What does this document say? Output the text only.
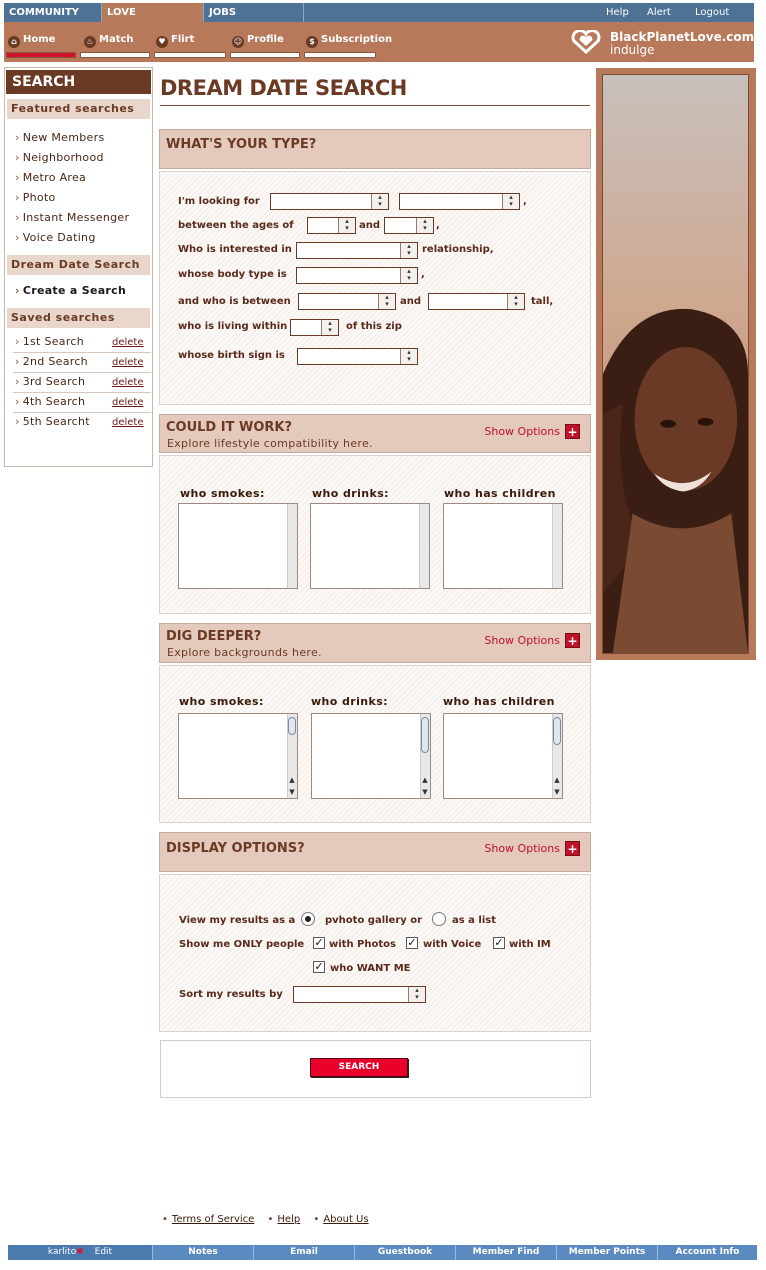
COMMUNITY	LOVE	JOBS	Help Alert Logout
⌂ Home	♨ Match	♥ Flirt	☺ Profile	$ Subscription	BlackPlanetLove.com
indulge
SEARCH
Featured searches
› New Members
› Neighborhood
› Metro Area
› Photo
› Instant Messenger
› Voice Dating
Dream Date Search
› Create a Search
Saved searches
› 1st Search	delete
› 2nd Search delete
› 3rd Search	delete
› 4th Search	delete
› 5th Searcht delete
DREAM DATE SEARCH
WHAT'S YOUR TYPE?
I'm looking for ▴ ▾ ▴ ▾	,
between the ages of ▴ ▾	and ▴ ▾	,
Who is interested in ▴ ▾	relationship,
whose body type is ▴ ▾	,
and who is between ▴ ▾	and ▴ ▾	tall,
who is living within ▴ ▾	of this zip
whose birth sign is
▴ ▾
COULD IT WORK?
Explore lifestyle compatibility here.
Show Options +
who smokes:	who drinks:	who has children
DIG DEEPER?
Explore backgrounds here.
Show Options +
who smokes:
▲
▼
who drinks:
▲
▼
who has children
▲
▼
DISPLAY OPTIONS?	Show Options +
View my results as a	pvhoto gallery or	as a list
Show me ONLY people ✓ with Photos ✓ with Voice ✓ with IM
✓ who WANT ME
Sort my results by
▴ ▾
SEARCH
• Terms of Service • Help • About Us
karlito✱ Edit	Notes	Email	Guestbook	Member Find	Member Points	Account Info
